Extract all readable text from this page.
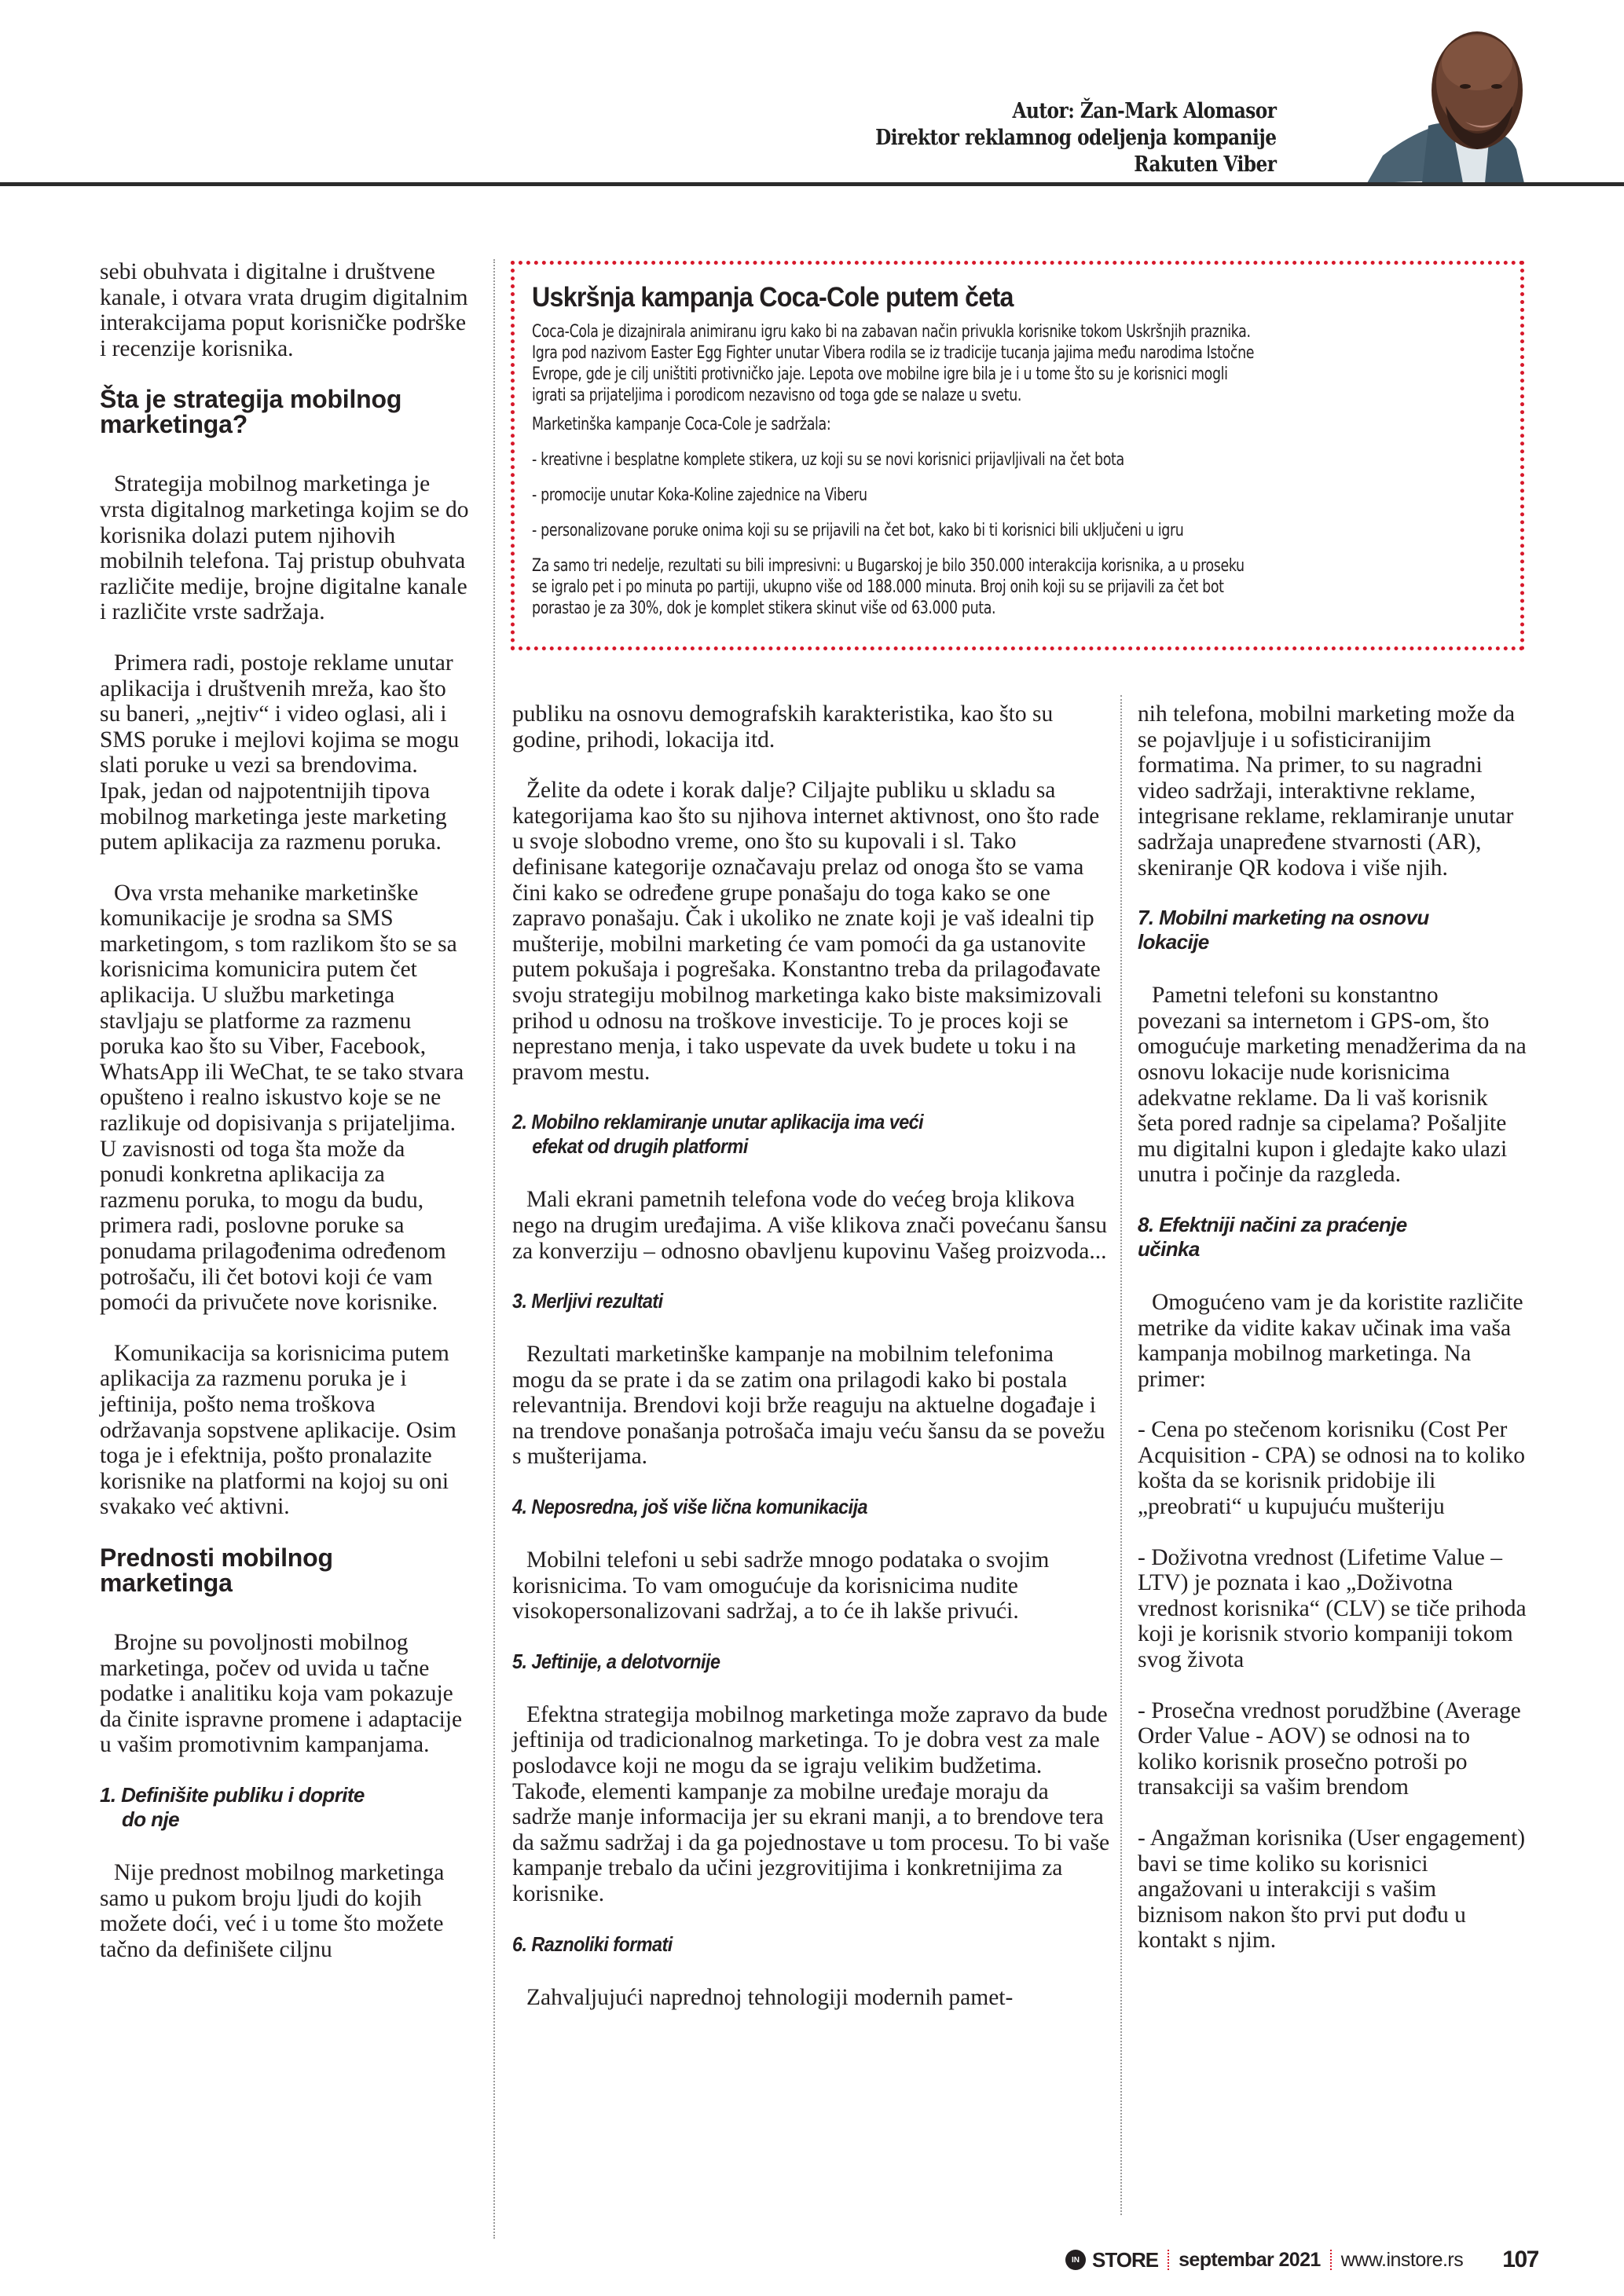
Autor: Žan-Mark Alomasor
Direktor reklamnog odeljenja kompanije
Rakuten Viber
Uskršnja kampanja Coca-Cole putem četa

Coca-Cola je dizajnirala animiranu igru kako bi na zabavan način privukla korisnike tokom Uskršnjih praznika.

Igra pod nazivom Easter Egg Fighter unutar Vibera rodila se iz tradicije tucanja jajima među narodima Istočne

Evrope, gde je cilj uništiti protivničko jaje. Lepota ove mobilne igre bila je i u tome što su je korisnici mogli

igrati sa prijateljima i porodicom nezavisno od toga gde se nalaze u svetu.

Marketinška kampanje Coca-Cole je sadržala:

- kreativne i besplatne komplete stikera, uz koji su se novi korisnici prijavljivali na čet bota

- promocije unutar Koka-Koline zajednice na Viberu

- personalizovane poruke onima koji su se prijavili na čet bot, kako bi ti korisnici bili uključeni u igru

Za samo tri nedelje, rezultati su bili impresivni: u Bugarskoj je bilo 350.000 interakcija korisnika, a u proseku

se igralo pet i po minuta po partiji, ukupno više od 188.000 minuta. Broj onih koji su se prijavili za čet bot

porastao je za 30%, dok je komplet stikera skinut više od 63.000 puta.

sebi obuhvata i digitalne i društvene kanale, i otvara vrata drugim digitalnim interakcijama poput korisničke podrške i recenzije korisnika.

Šta je strategija mobilnog marketinga?

Strategija mobilnog marketinga je vrsta digitalnog marketinga kojim se do korisnika dolazi putem njihovih mobilnih telefona. Taj pristup obuhvata različite medije, brojne digitalne kanale i različite vrste sadržaja.

Primera radi, postoje reklame unutar aplikacija i društvenih mreža, kao što su baneri, „nejtiv“ i video oglasi, ali i SMS poruke i mejlovi kojima se mogu slati poruke u vezi sa brendovima. Ipak, jedan od najpotentnijih tipova mobilnog marketinga jeste marketing putem aplikacija za razmenu poruka.

Ova vrsta mehanike marketinške komunikacije je srodna sa SMS marketingom, s tom razlikom što se sa korisnicima komunicira putem čet aplikacija. U službu marketinga stavljaju se platforme za razmenu poruka kao što su Viber, Facebook, WhatsApp ili WeChat, te se tako stvara opušteno i realno iskustvo koje se ne razlikuje od dopisivanja s prijateljima. U zavisnosti od toga šta može da ponudi konkretna aplikacija za razmenu poruka, to mogu da budu, primera radi, poslovne poruke sa ponudama prilagođenima određenom potrošaču, ili čet botovi koji će vam pomoći da privučete nove korisnike.

Komunikacija sa korisnicima putem aplikacija za razmenu poruka je i jeftinija, pošto nema troškova održavanja sopstvene aplikacije. Osim toga je i efektnija, pošto pronalazite korisnike na platformi na kojoj su oni svakako već aktivni.

Prednosti mobilnog marketinga

Brojne su povoljnosti mobilnog marketinga, počev od uvida u tačne podatke i analitiku koja vam pokazuje da činite ispravne promene i adaptacije u vašim promotivnim kampanjama.

1. Definišite publiku i doprite
do nje

Nije prednost mobilnog marketinga samo u pukom broju ljudi do kojih možete doći, već i u tome što možete tačno da definišete ciljnu

publiku na osnovu demografskih karakteristika, kao što su godine, prihodi, lokacija itd.

Želite da odete i korak dalje? Ciljajte publiku u skladu sa kategorijama kao što su njihova internet aktivnost, ono što rade u svoje slobodno vreme, ono što su kupovali i sl. Tako definisane kategorije označavaju prelaz od onoga što se vama čini kako se određene grupe ponašaju do toga kako se one zapravo ponašaju. Čak i ukoliko ne znate koji je vaš idealni tip mušterije, mobilni marketing će vam pomoći da ga ustanovite putem pokušaja i pogrešaka. Konstantno treba da prilagođavate svoju strategiju mobilnog marketinga kako biste maksimizovali prihod u odnosu na troškove investicije. To je proces koji se neprestano menja, i tako uspevate da uvek budete u toku i na pravom mestu.

2. Mobilno reklamiranje unutar aplikacija ima veći
efekat od drugih platformi

Mali ekrani pametnih telefona vode do većeg broja klikova nego na drugim uređajima. A više klikova znači povećanu šansu za konverziju – odnosno obavljenu kupovinu Vašeg proizvoda...

3. Merljivi rezultati

Rezultati marketinške kampanje na mobilnim telefonima mogu da se prate i da se zatim ona prilagodi kako bi postala relevantnija. Brendovi koji brže reaguju na aktuelne događaje i na trendove ponašanja potrošača imaju veću šansu da se povežu s mušterijama.

4. Neposredna, još više lična komunikacija

Mobilni telefoni u sebi sadrže mnogo podataka o svojim korisnicima. To vam omogućuje da korisnicima nudite visokopersonalizovani sadržaj, a to će ih lakše privući.

5. Jeftinije, a delotvornije

Efektna strategija mobilnog marketinga može zapravo da bude jeftinija od tradicionalnog marketinga. To je dobra vest za male poslodavce koji ne mogu da se igraju velikim budžetima. Takođe, elementi kampanje za mobilne uređaje moraju da sadrže manje informacija jer su ekrani manji, a to brendove tera da sažmu sadržaj i da ga pojednostave u tom procesu. To bi vaše kampanje trebalo da učini jezgrovitijima i konkretnijima za korisnike.

6. Raznoliki formati

Zahvaljujući naprednoj tehnologiji modernih pamet-

nih telefona, mobilni marketing može da se pojavljuje i u sofisticiranijim formatima. Na primer, to su nagradni video sadržaji, interaktivne reklame, integrisane reklame, reklamiranje unutar sadržaja unapređene stvarnosti (AR), skeniranje QR kodova i više njih.

7. Mobilni marketing na osnovu
lokacije

Pametni telefoni su konstantno povezani sa internetom i GPS-om, što omogućuje marketing menadžerima da na osnovu lokacije nude korisnicima adekvatne reklame. Da li vaš korisnik šeta pored radnje sa cipelama? Pošaljite mu digitalni kupon i gledajte kako ulazi unutra i počinje da razgleda.

8. Efektniji načini za praćenje
učinka

Omogućeno vam je da koristite različite metrike da vidite kakav učinak ima vaša kampanja mobilnog marketinga. Na primer:

- Cena po stečenom korisniku (Cost Per Acquisition - CPA) se odnosi na to koliko košta da se korisnik pridobije ili „preobrati“ u kupujuću mušteriju

- Doživotna vrednost (Lifetime Value – LTV) je poznata i kao „Doživotna vrednost korisnika“ (CLV) se tiče prihoda koji je korisnik stvorio kompaniji tokom svog života

- Prosečna vrednost porudžbine (Average Order Value - AOV) se odnosi na to koliko korisnik prosečno potroši po transakciji sa vašim brendom

- Angažman korisnika (User engagement) bavi se time koliko su korisnici angažovani u interakciji s vašim biznisom nakon što prvi put dođu u kontakt s njim.

IN STORE septembar 2021 www.instore.rs 107
